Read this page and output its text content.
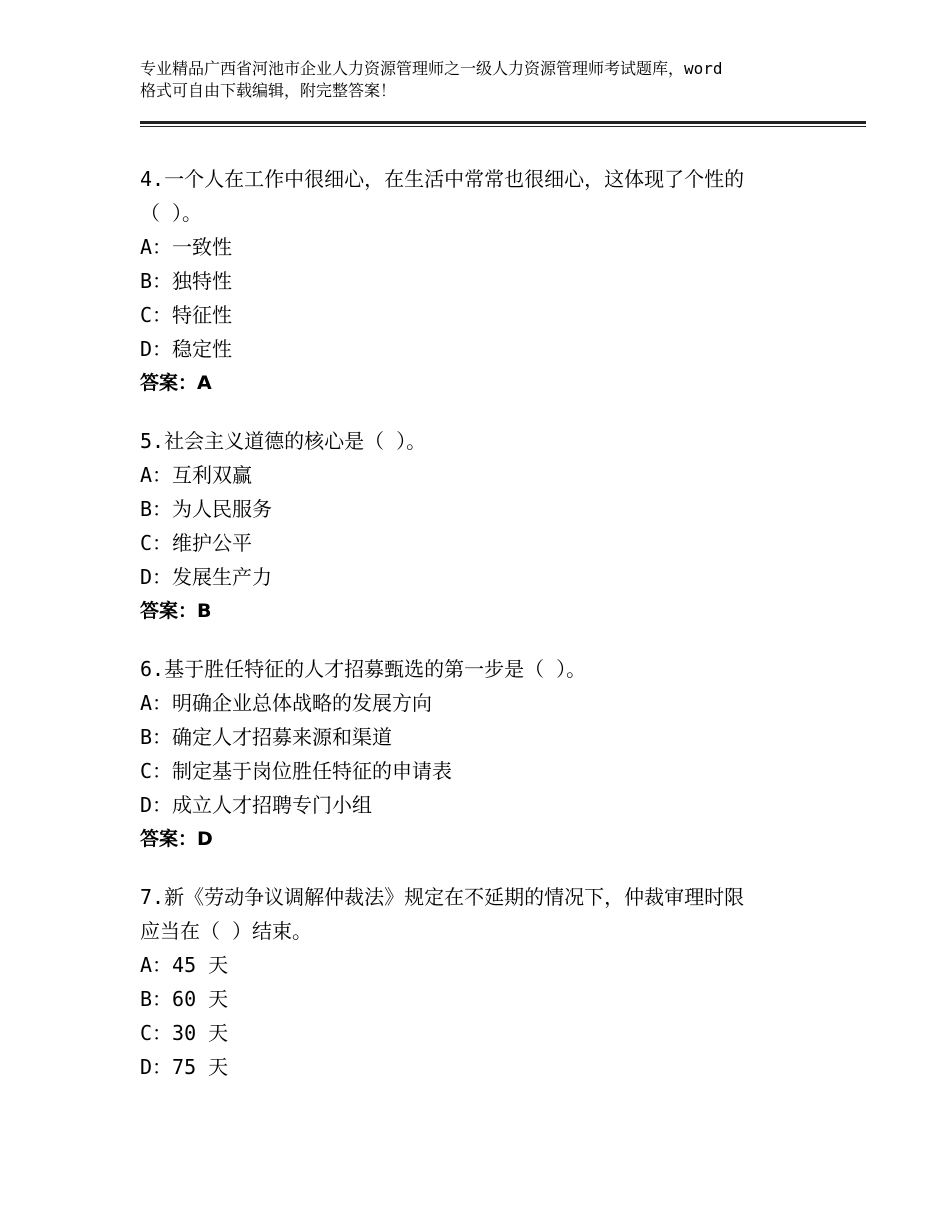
专业精品广西省河池市企业人力资源管理师之一级人力资源管理师考试题库，word
格式可自由下载编辑，附完整答案！
4.一个人在工作中很细心，在生活中常常也很细心，这体现了个性的
（ ）。
A：一致性
B：独特性
C：特征性
D：稳定性
答案：A
5.社会主义道德的核心是（ ）。
A：互利双赢
B：为人民服务
C：维护公平
D：发展生产力
答案：B
6.基于胜任特征的人才招募甄选的第一步是（ ）。
A：明确企业总体战略的发展方向
B：确定人才招募来源和渠道
C：制定基于岗位胜任特征的申请表
D：成立人才招聘专门小组
答案：D
7.新《劳动争议调解仲裁法》规定在不延期的情况下，仲裁审理时限
应当在（ ）结束。
A：45 天
B：60 天
C：30 天
D：75 天
